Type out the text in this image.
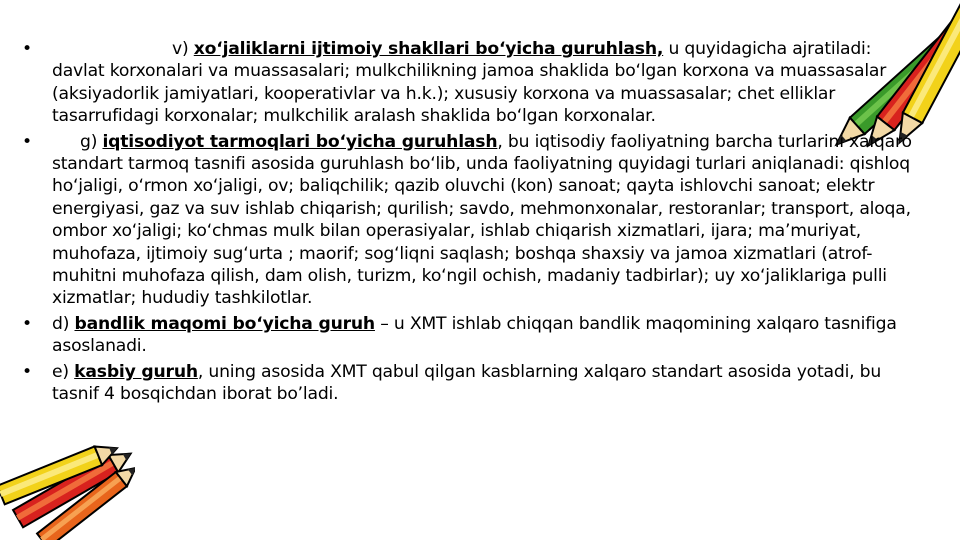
•	v) xo‘jaliklarni ijtimoiy shakllari bo‘yicha guruhlash, u quyidagicha ajratiladi: davlat korxonalari va muassasalari; mulkchilikning jamoa shaklida bo‘lgan korxona va muassasalar (aksiyadorlik jamiyatlari, kooperativlar va h.k.); xususiy korxona va muassasalar; chet elliklar tasarrufidagi korxonalar; mulkchilik aralash shaklida bo‘lgan korxonalar.
•	g) iqtisodiyot tarmoqlari bo‘yicha guruhlash, bu iqtisodiy faoliyatning barcha turlarini xalqaro standart tarmoq tasnifi asosida guruhlash bo‘lib, unda faoliyatning quyidagi turlari aniqlanadi: qishloq ho‘jaligi, o‘rmon xo‘jaligi, ov; baliqchilik; qazib oluvchi (kon) sanoat; qayta ishlovchi sanoat; elektr energiyasi, gaz va suv ishlab chiqarish; qurilish; savdo, mehmonxonalar, restoranlar; transport, aloqa, ombor xo‘jaligi; ko‘chmas mulk bilan operasiyalar, ishlab chiqarish xizmatlari, ijara; ma’muriyat, muhofaza, ijtimoiy sug‘urta ; maorif; sog‘liqni saqlash; boshqa shaxsiy va jamoa xizmatlari (atrof-muhitni muhofaza qilish, dam olish, turizm, ko‘ngil ochish, madaniy tadbirlar); uy xo‘jaliklariga pulli xizmatlar; hududiy tashkilotlar.
•	d) bandlik maqomi bo‘yicha guruh – u XMT ishlab chiqqan bandlik maqomining xalqaro tasnifiga asoslanadi.
•	e) kasbiy guruh, uning asosida XMT qabul qilgan kasblarning xalqaro standart asosida yotadi, bu tasnif 4 bosqichdan iborat bo’ladi.
